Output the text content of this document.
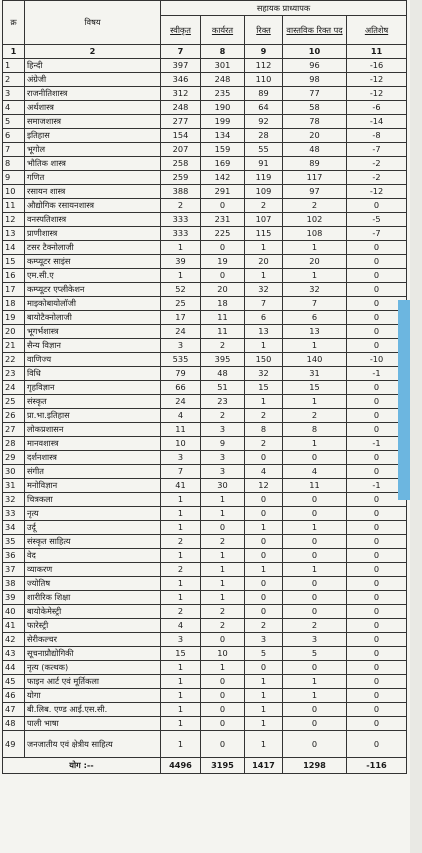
क्र	विषय	सहायक प्राध्यापक				
		स्वीकृत	कार्यरत	रिक्त	वास्तविक रिक्त पद	अतिशेष
1	2	7	8	9	10	11
1	हिन्दी	397	301	112	96	-16
2	अंग्रेजी	346	248	110	98	-12
3	राजनीतिशास्त्र	312	235	89	77	-12
4	अर्थशास्त्र	248	190	64	58	-6
5	समाजशास्त्र	277	199	92	78	-14
6	इतिहास	154	134	28	20	-8
7	भूगोल	207	159	55	48	-7
8	भौतिक शास्त्र	258	169	91	89	-2
9	गणित	259	142	119	117	-2
10	रसायन शास्त्र	388	291	109	97	-12
11	औद्योगिक रसायनशास्त्र	2	0	2	2	0
12	वनस्पतिशास्त्र	333	231	107	102	-5
13	प्राणीशास्त्र	333	225	115	108	-7
14	टसर टैक्नोलाजी	1	0	1	1	0
15	कम्प्यूटर साइंस	39	19	20	20	0
16	एम.सी.ए	1	0	1	1	0
17	कम्प्यूटर एप्लीकेशन	52	20	32	32	0
18	माइकोबायोलॉजी	25	18	7	7	0
19	बायोटैक्नोलाजी	17	11	6	6	0
20	भूगर्भशास्त्र	24	11	13	13	0
21	सैन्य विज्ञान	3	2	1	1	0
22	वाणिज्य	535	395	150	140	-10
23	विधि	79	48	32	31	-1
24	गृहविज्ञान	66	51	15	15	0
25	संस्कृत	24	23	1	1	0
26	प्रा.भा.इतिहास	4	2	2	2	0
27	लोकप्रशासन	11	3	8	8	0
28	मानवशास्त्र	10	9	2	1	-1
29	दर्शनशास्त्र	3	3	0	0	0
30	संगीत	7	3	4	4	0
31	मनोविज्ञान	41	30	12	11	-1
32	चित्रकला	1	1	0	0	0
33	नृत्य	1	1	0	0	0
34	उर्दू	1	0	1	1	0
35	संस्कृत साहित्य	2	2	0	0	0
36	वेद	1	1	0	0	0
37	व्याकरण	2	1	1	1	0
38	ज्योतिष	1	1	0	0	0
39	शारीरिक शिक्षा	1	1	0	0	0
40	बायोकेमेस्ट्री	2	2	0	0	0
41	फारेस्ट्री	4	2	2	2	0
42	सेरीकल्चर	3	0	3	3	0
43	सूचनाप्रौद्योगिकी	15	10	5	5	0
44	नृत्य (कत्थक)	1	1	0	0	0
45	फाइन आर्ट एवं मूर्तिकला	1	0	1	1	0
46	योगा	1	0	1	1	0
47	बी.लिब. एण्ड आई.एस.सी.	1	0	1	0	0
48	पाली भाषा	1	0	1	0	0
49	जनजातीय एवं क्षेत्रीय साहित्य	1	0	1	0	0
योग :--		4496	3195	1417	1298	-116
